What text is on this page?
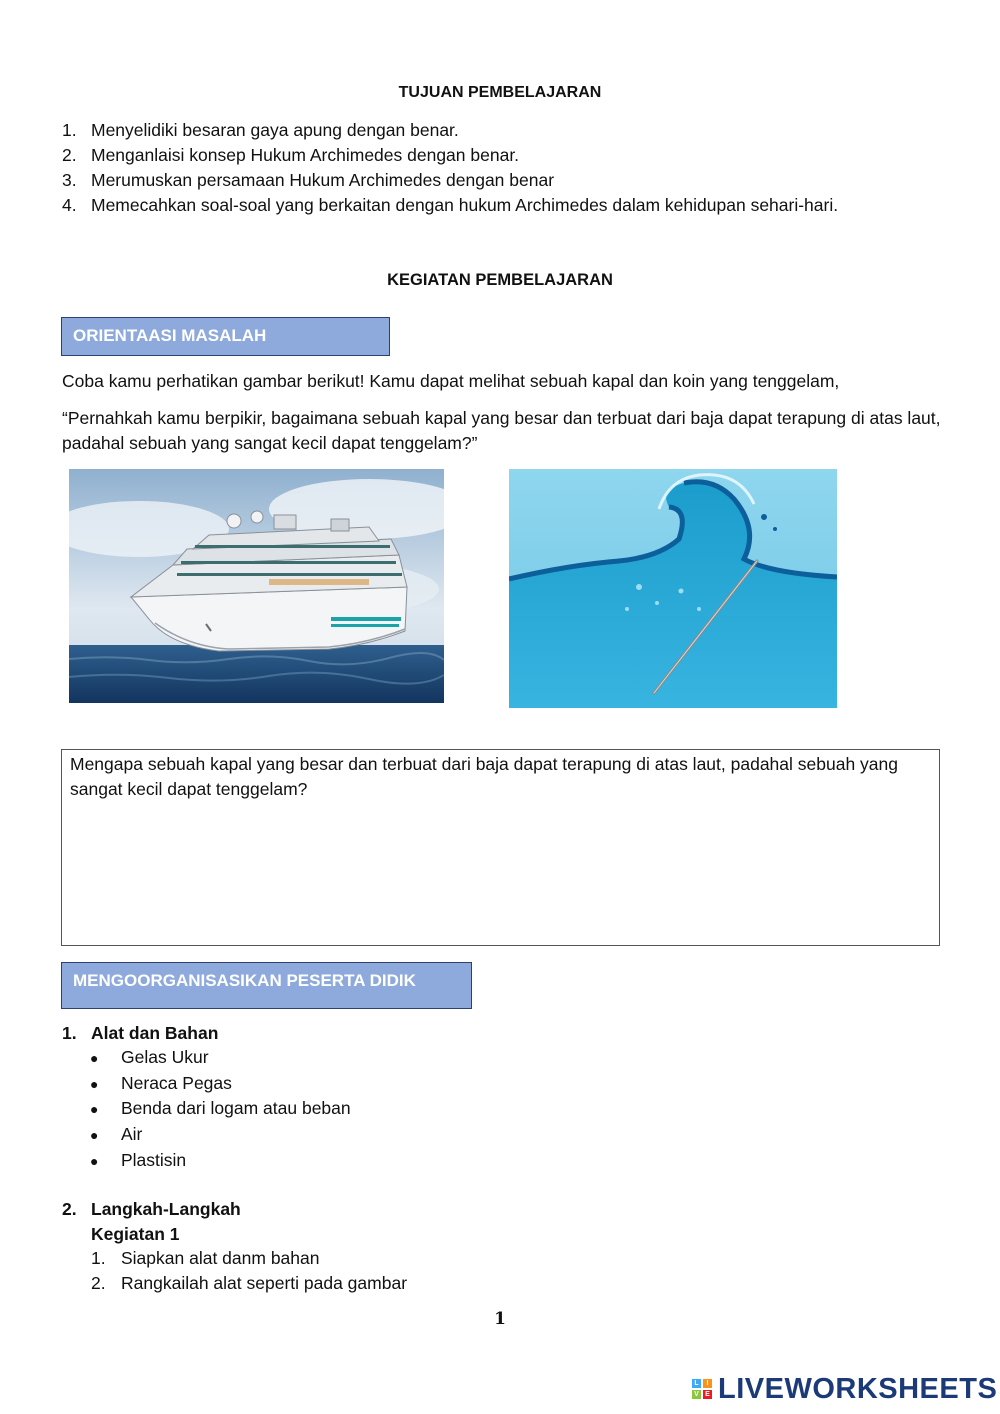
TUJUAN PEMBELAJARAN
1. Menyelidiki besaran gaya apung dengan benar.
2. Menganlaisi konsep Hukum Archimedes dengan benar.
3. Merumuskan persamaan Hukum Archimedes dengan benar
4. Memecahkan soal-soal yang berkaitan dengan hukum Archimedes dalam kehidupan sehari-hari.
KEGIATAN PEMBELAJARAN
ORIENTAASI MASALAH
Coba kamu perhatikan gambar berikut! Kamu dapat melihat sebuah kapal dan koin yang tenggelam,
“Pernahkah kamu berpikir, bagaimana sebuah kapal yang besar dan terbuat dari baja dapat terapung di atas laut, padahal sebuah yang sangat kecil dapat tenggelam?”
Mengapa sebuah kapal yang besar dan terbuat dari baja dapat terapung di atas laut, padahal sebuah yang sangat kecil dapat tenggelam?
MENGOORGANISASIKAN PESERTA DIDIK
1. Alat dan Bahan
● Gelas Ukur
● Neraca Pegas
● Benda dari logam atau beban
● Air
● Plastisin
2. Langkah-Langkah
Kegiatan 1
1. Siapkan alat danm bahan
2. Rangkailah alat seperti pada gambar
1
L	I
V E LIVEWORKSHEETS
